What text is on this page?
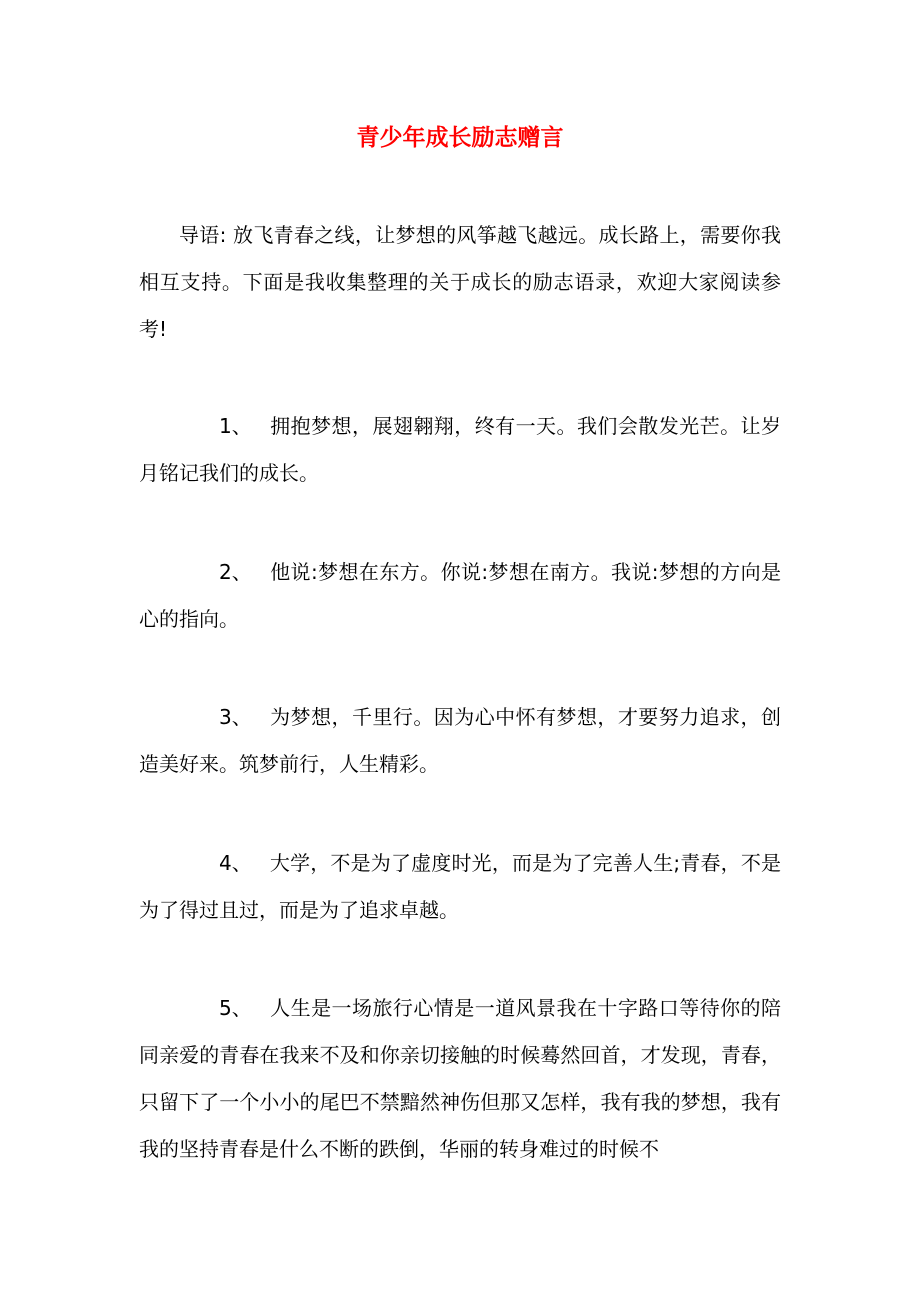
青少年成长励志赠言

导语: 放飞青春之线，让梦想的风筝越飞越远。成长路上，需要你我相互支持。下面是我收集整理的关于成长的励志语录，欢迎大家阅读参考!

1、 拥抱梦想，展翅翱翔，终有一天。我们会散发光芒。让岁月铭记我们的成长。

2、 他说:梦想在东方。你说:梦想在南方。我说:梦想的方向是心的指向。

3、 为梦想，千里行。因为心中怀有梦想，才要努力追求，创造美好来。筑梦前行，人生精彩。

4、 大学，不是为了虚度时光，而是为了完善人生;青春，不是为了得过且过，而是为了追求卓越。

5、 人生是一场旅行心情是一道风景我在十字路口等待你的陪同亲爱的青春在我来不及和你亲切接触的时候蓦然回首，才发现，青春，只留下了一个小小的尾巴不禁黯然神伤但那又怎样，我有我的梦想，我有我的坚持青春是什么不断的跌倒，华丽的转身难过的时候不
